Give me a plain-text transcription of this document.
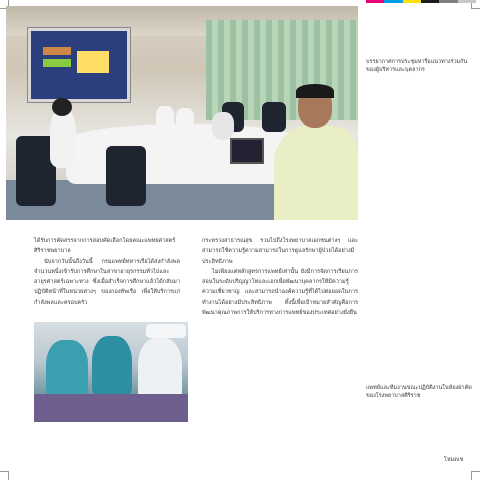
บรรยากาศการประชุมหารือแนวทางร่วมกันของผู้บริหารและบุคลากร

ได้รับการคัดสรรจากการสอบคัดเลือกโดยคณะแพทยศาสตร์ศิริราชพยาบาล

นับจากวันนั้นถึงวันนี้ กรมแพทย์ทหารเรือได้ส่งกำลังพลจำนวนหนึ่งเข้ารับการศึกษาในสาขาอายุรกรรมทั่วไปและอายุรศาสตร์เฉพาะทาง ซึ่งเมื่อสำเร็จการศึกษาแล้วได้กลับมาปฏิบัติหน้าที่ในหน่วยต่างๆ ของกองทัพเรือ เพื่อให้บริการแก่กำลังพลและครอบครัว

กระทรวงสาธารณสุข รวมไปถึงโรงพยาบาลเอกชนต่างๆ และสามารถใช้ความรู้ความสามารถในการดูแลรักษาผู้ป่วยได้อย่างมีประสิทธิภาพ

ไม่เพียงแต่หลักสูตรการแพทย์เท่านั้น ยังมีการจัดการเรียนการสอนในระดับปริญญาโทและเอกเพื่อพัฒนาบุคลากรให้มีความรู้ความเชี่ยวชาญ และสามารถนำองค์ความรู้ที่ได้ไปต่อยอดในการทำงานได้อย่างมีประสิทธิภาพ ทั้งนี้เพื่อเป้าหมายสำคัญคือการพัฒนาคุณภาพการให้บริการทางการแพทย์ของประเทศอย่างยั่งยืน

แพทย์และทีมงานขณะปฏิบัติงานในห้องผ่าตัดของโรงพยาบาลศิริราช
โหมดเช
